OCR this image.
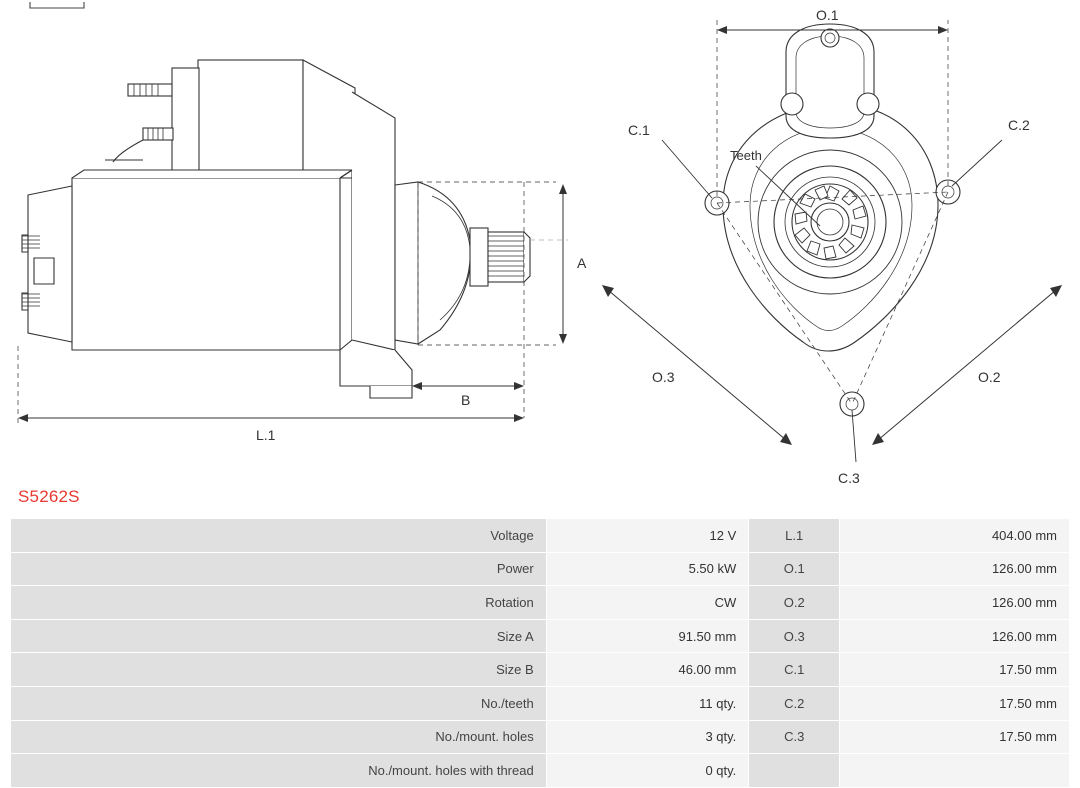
A
B
L.1
O.1
O.3	O.2
C.1	C.2
C.3
Teeth
S5262S
Voltage	12 V	L.1	404.00 mm
Power	5.50 kW	O.1	126.00 mm
Rotation	CW	O.2	126.00 mm
Size A	91.50 mm	O.3	126.00 mm
Size B	46.00 mm	C.1	17.50 mm
No./teeth	11 qty.	C.2	17.50 mm
No./mount. holes	3 qty.	C.3	17.50 mm
No./mount. holes with thread	0 qty.		
